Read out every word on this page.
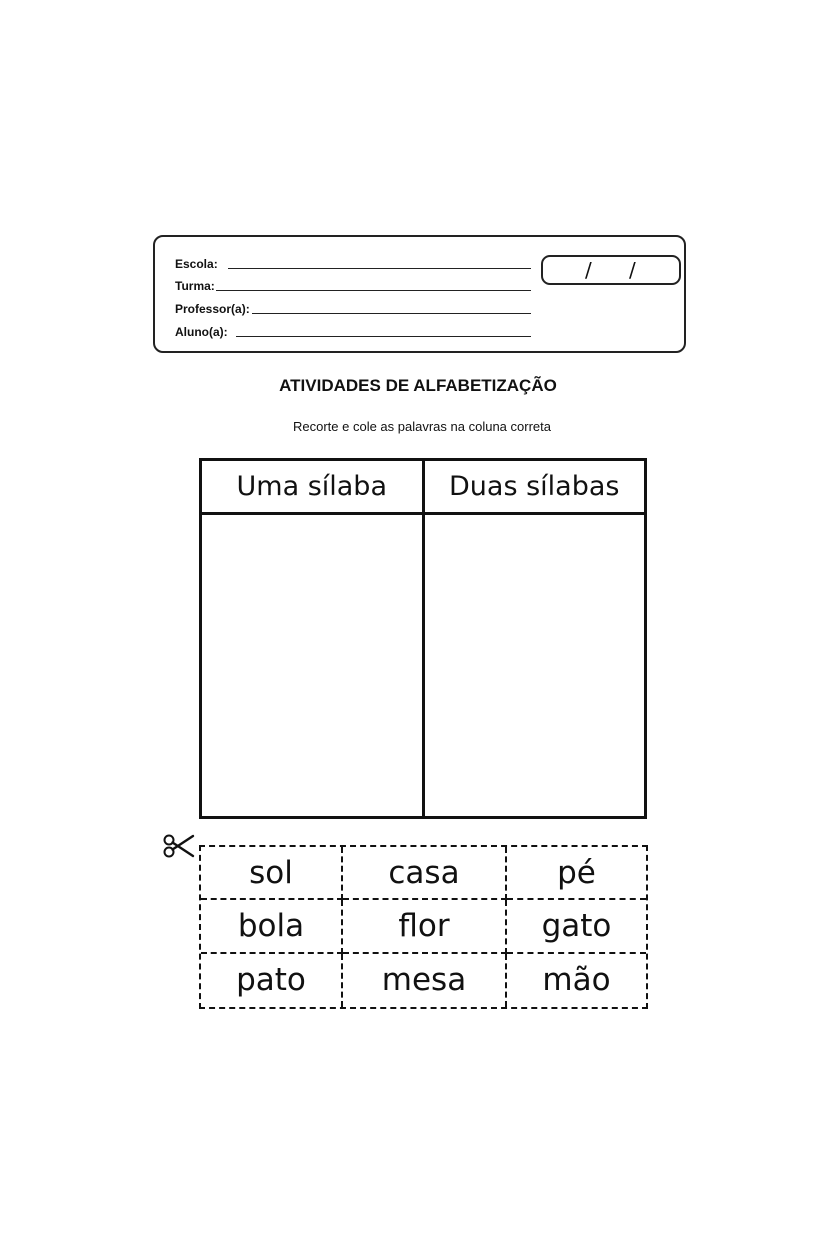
Escola:
Turma:
Professor(a):
Aluno(a):
/ /
ATIVIDADES DE ALFABETIZAÇÃO
Recorte e cole as palavras na coluna correta
Uma sílaba	Duas sílabas
sol	casa	pé
bola	flor	gato
pato	mesa	mão
